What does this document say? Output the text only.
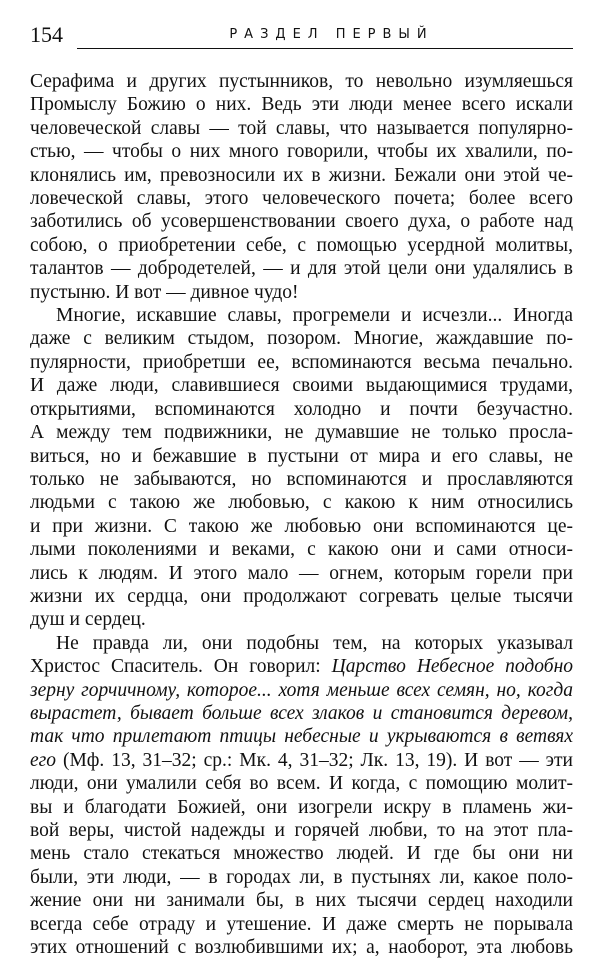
154	РАЗДЕЛ ПЕРВЫЙ
Серафима и других пустынников, то невольно изумляешься
Промыслу Божию о них. Ведь эти люди менее всего искали
человеческой славы — той славы, что называется популярно-
стью, — чтобы о них много говорили, чтобы их хвалили, по-
клонялись им, превозносили их в жизни. Бежали они этой че-
ловеческой славы, этого человеческого почета; более всего
заботились об усовершенствовании своего духа, о работе над
собою, о приобретении себе, с помощью усердной молитвы,
талантов — добродетелей, — и для этой цели они удалялись в
пустыню. И вот — дивное чудо!
Многие, искавшие славы, прогремели и исчезли... Иногда
даже с великим стыдом, позором. Многие, жаждавшие по-
пулярности, приобретши ее, вспоминаются весьма печально.
И даже люди, славившиеся своими выдающимися трудами,
открытиями, вспоминаются холодно и почти безучастно.
А между тем подвижники, не думавшие не только просла-
виться, но и бежавшие в пустыни от мира и его славы, не
только не забываются, но вспоминаются и прославляются
людьми с такою же любовью, с какою к ним относились
и при жизни. С такою же любовью они вспоминаются це-
лыми поколениями и веками, с какою они и сами относи-
лись к людям. И этого мало — огнем, которым горели при
жизни их сердца, они продолжают согревать целые тысячи
душ и сердец.
Не правда ли, они подобны тем, на которых указывал
Христос Спаситель. Он говорил: Царство Небесное подобно
зерну горчичному, которое... хотя меньше всех семян, но, когда
вырастет, бывает больше всех злаков и становится деревом,
так что прилетают птицы небесные и укрываются в ветвях
его (Мф. 13, 31–32; ср.: Мк. 4, 31–32; Лк. 13, 19). И вот — эти
люди, они умалили себя во всем. И когда, с помощию молит-
вы и благодати Божией, они изогрели искру в пламень жи-
вой веры, чистой надежды и горячей любви, то на этот пла-
мень стало стекаться множество людей. И где бы они ни
были, эти люди, — в городах ли, в пустынях ли, какое поло-
жение они ни занимали бы, в них тысячи сердец находили
всегда себе отраду и утешение. И даже смерть не порывала
этих отношений с возлюбившими их; а, наоборот, эта любовь
